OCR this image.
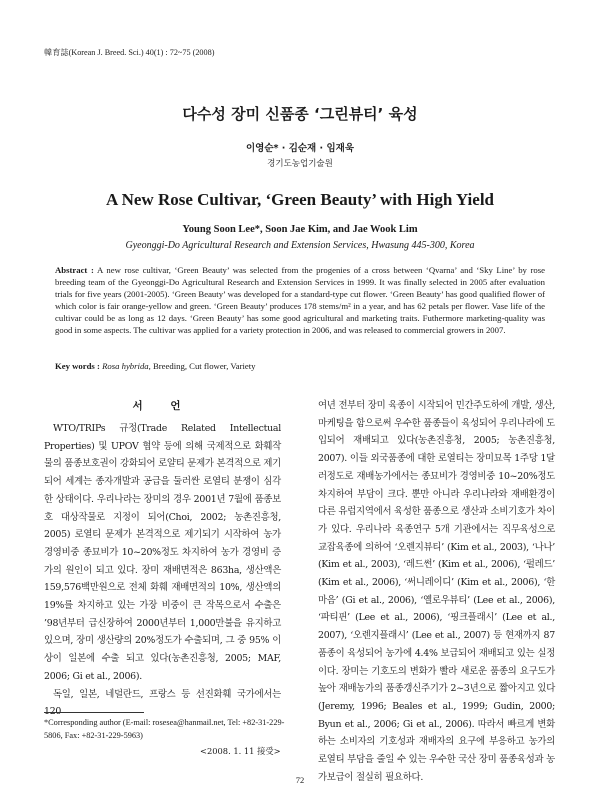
韓育誌(Korean J. Breed. Sci.) 40(1) : 72~75 (2008)
다수성 장미 신품종 ‘그린뷰티’ 육성
이영순* · 김순재 · 임재욱
경기도농업기술원
A New Rose Cultivar, ‘Green Beauty’ with High Yield
Young Soon Lee*, Soon Jae Kim, and Jae Wook Lim
Gyeonggi-Do Agricultural Research and Extension Services, Hwasung 445-300, Korea
Abstract : A new rose cultivar, ‘Green Beauty’ was selected from the progenies of a cross between ‘Qvarna’ and ‘Sky Line’ by rose breeding team of the Gyeonggi-Do Agricultural Research and Extension Services in 1999. It was finally selected in 2005 after evaluation trials for five years (2001-2005). ‘Green Beauty’ was developed for a standard-type cut flower. ‘Green Beauty’ has good qualified flower of which color is fair orange-yellow and green. ‘Green Beauty’ produces 178 stems/m² in a year, and has 62 petals per flower. Vase life of the cultivar could be as long as 12 days. ‘Green Beauty’ has some good agricultural and marketing traits. Futhermore marketing-quality was good in some aspects. The cultivar was applied for a variety protection in 2006, and was released to commercial growers in 2007.
Key words : Rosa hybrida, Breeding, Cut flower, Variety
서 언

WTO/TRIPs 규정(Trade Related Intellectual Properties) 및 UPOV 협약 등에 의해 국제적으로 화훼작물의 품종보호권이 강화되어 로얄티 문제가 본격적으로 제기 되어 세계는 종자개발과 공급을 둘러싼 로열티 분쟁이 심각한 상태이다. 우리나라는 장미의 경우 2001년 7월에 품종보호 대상작물로 지정이 되어(Choi, 2002; 농촌진흥청, 2005) 로열티 문제가 본격적으로 제기되기 시작하여 농가 경영비중 종묘비가 10~20%정도 차지하여 농가 경영비 증가의 원인이 되고 있다. 장미 재배면적은 863ha, 생산액은 159,576백만원으로 전체 화훼 재배면적의 10%, 생산액의 19%를 차지하고 있는 가장 비중이 큰 작목으로서 수출은 ’98년부터 급신장하여 2000년부터 1,000만불을 유지하고 있으며, 장미 생산량의 20%정도가 수출되며, 그 중 95% 이상이 일본에 수출 되고 있다(농촌진흥청, 2005; MAF, 2006; Gi et al., 2006).

독일, 일본, 네덜란드, 프랑스 등 선진화훼 국가에서는 120

여년 전부터 장미 육종이 시작되어 민간주도하에 개발, 생산, 마케팅을 함으로써 우수한 품종들이 육성되어 우리나라에 도입되어 재배되고 있다(농촌진흥청, 2005; 농촌진흥청, 2007). 이들 외국품종에 대한 로열티는 장미묘목 1주당 1달러정도로 재배농가에서는 종묘비가 경영비중 10~20%정도 차지하여 부담이 크다. 뿐만 아니라 우리나라와 재배환경이 다른 유럽지역에서 육성한 품종으로 생산과 소비기호가 차이가 있다. 우리나라 육종연구 5개 기관에서는 직무육성으로 교잡육종에 의하여 ‘오렌지뷰티’ (Kim et al., 2003), ‘나나’ (Kim et al., 2003), ‘레드썬’ (Kim et al., 2006), ‘펄레드’ (Kim et al., 2006), ‘써니레이디’ (Kim et al., 2006), ‘한마음’ (Gi et al., 2006), ‘옐로우뷰티’ (Lee et al., 2006), ‘파티핀’ (Lee et al., 2006), ‘핑크플래시’ (Lee et al., 2007), ‘오렌지플래시’ (Lee et al., 2007) 등 현재까지 87품종이 육성되어 농가에 4.4% 보급되어 재배되고 있는 실정이다. 장미는 기호도의 변화가 빨라 새로운 품종의 요구도가 높아 재배농가의 품종갱신주기가 2~3년으로 짧아지고 있다(Jeremy, 1996; Beales et al., 1999; Gudin, 2000; Byun et al., 2006; Gi et al., 2006). 따라서 빠르게 변화하는 소비자의 기호성과 재배자의 요구에 부응하고 농가의 로열티 부담을 줄일 수 있는 우수한 국산 장미 품종육성과 농가보급이 절실히 필요하다.

*Corresponding author (E-mail: rosesea@hanmail.net, Tel: +82-31-229-5806, Fax: +82-31-229-5963)
<2008. 1. 11 接受>
72
